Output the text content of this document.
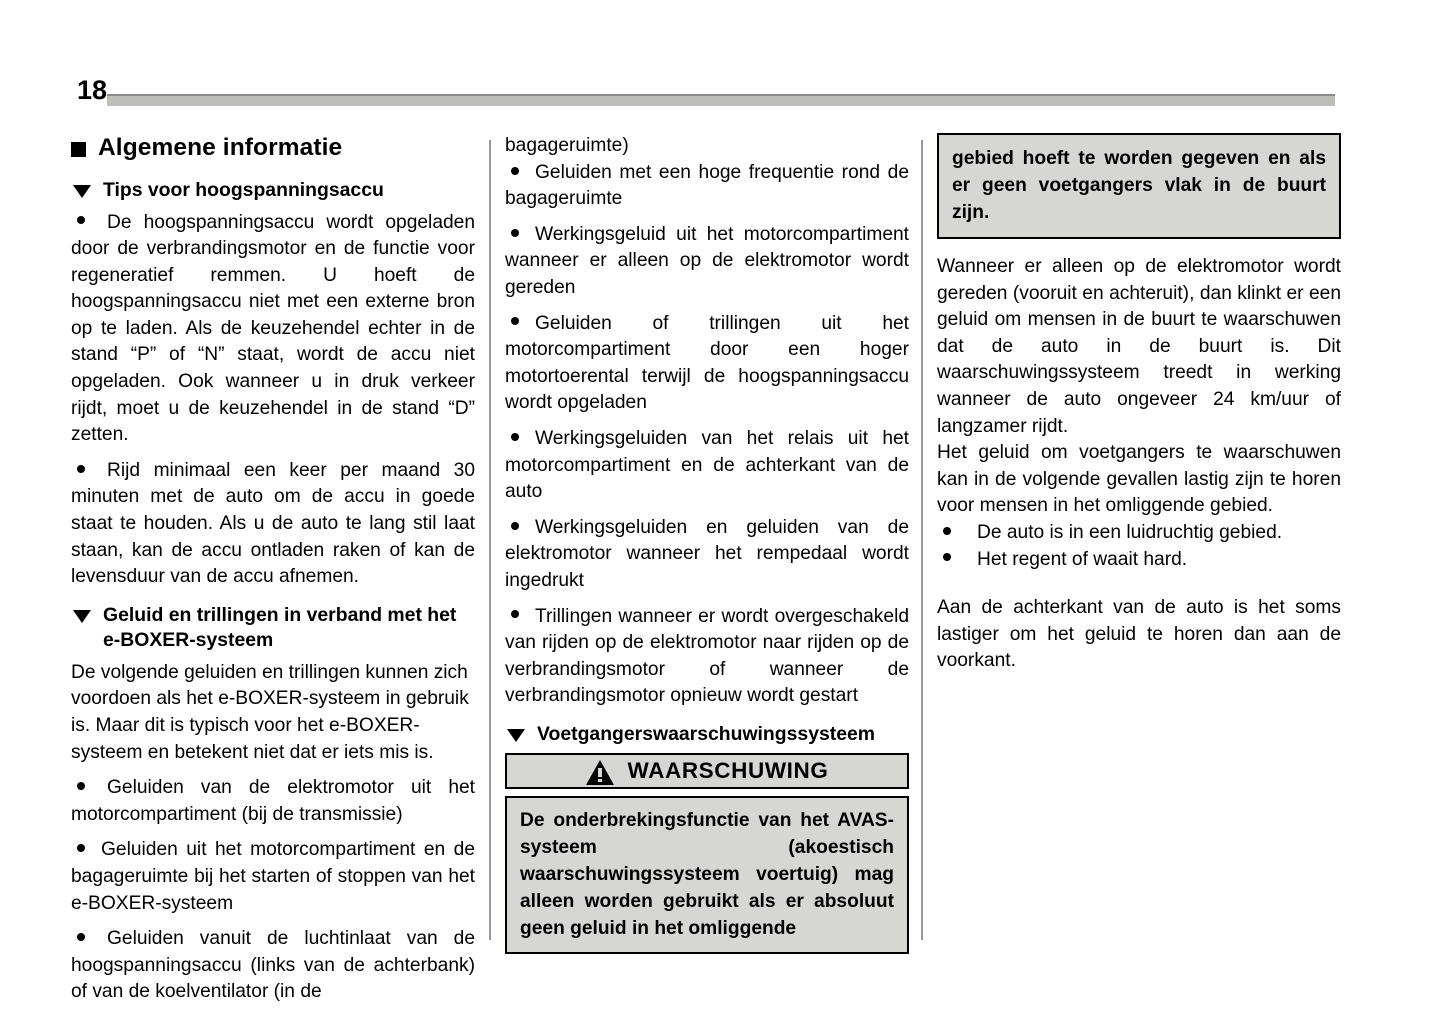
18
Algemene informatie
Tips voor hoogspanningsaccu

De hoogspanningsaccu wordt opgeladen door de verbrandingsmotor en de functie voor regeneratief remmen. U hoeft de hoogspanningsaccu niet met een externe bron op te laden. Als de keuzehendel echter in de stand “P” of “N” staat, wordt de accu niet opgeladen. Ook wanneer u in druk verkeer rijdt, moet u de keuzehendel in de stand “D” zetten.

Rijd minimaal een keer per maand 30 minuten met de auto om de accu in goede staat te houden. Als u de auto te lang stil laat staan, kan de accu ontladen raken of kan de levensduur van de accu afnemen.

Geluid en trillingen in verband met het e-BOXER-systeem

De volgende geluiden en trillingen kunnen zich voordoen als het e-BOXER-systeem in gebruik is. Maar dit is typisch voor het e-BOXER-systeem en betekent niet dat er iets mis is.

Geluiden van de elektromotor uit het motorcompartiment (bij de transmissie)

Geluiden uit het motorcompartiment en de bagageruimte bij het starten of stoppen van het e-BOXER-systeem

Geluiden vanuit de luchtinlaat van de hoogspanningsaccu (links van de achterbank) of van de koelventilator (in de

bagageruimte)

Geluiden met een hoge frequentie rond de bagageruimte

Werkingsgeluid uit het motorcompartiment wanneer er alleen op de elektromotor wordt gereden

Geluiden of trillingen uit het motorcompartiment door een hoger motortoerental terwijl de hoogspanningsaccu wordt opgeladen

Werkingsgeluiden van het relais uit het motorcompartiment en de achterkant van de auto

Werkingsgeluiden en geluiden van de elektromotor wanneer het rempedaal wordt ingedrukt

Trillingen wanneer er wordt overgeschakeld van rijden op de elektromotor naar rijden op de verbrandingsmotor of wanneer de verbrandingsmotor opnieuw wordt gestart

Voetgangerswaarschuwingssysteem
WAARSCHUWING
De onderbrekingsfunctie van het AVAS-systeem (akoestisch waarschuwingssysteem voertuig) mag alleen worden gebruikt als er absoluut geen geluid in het omliggende
gebied hoeft te worden gegeven en als er geen voetgangers vlak in de buurt zijn.

Wanneer er alleen op de elektromotor wordt gereden (vooruit en achteruit), dan klinkt er een geluid om mensen in de buurt te waarschuwen dat de auto in de buurt is. Dit waarschuwingssysteem treedt in werking wanneer de auto ongeveer 24 km/uur of langzamer rijdt.

Het geluid om voetgangers te waarschuwen kan in de volgende gevallen lastig zijn te horen voor mensen in het omliggende gebied.

De auto is in een luidruchtig gebied.

Het regent of waait hard.

Aan de achterkant van de auto is het soms lastiger om het geluid te horen dan aan de voorkant.
